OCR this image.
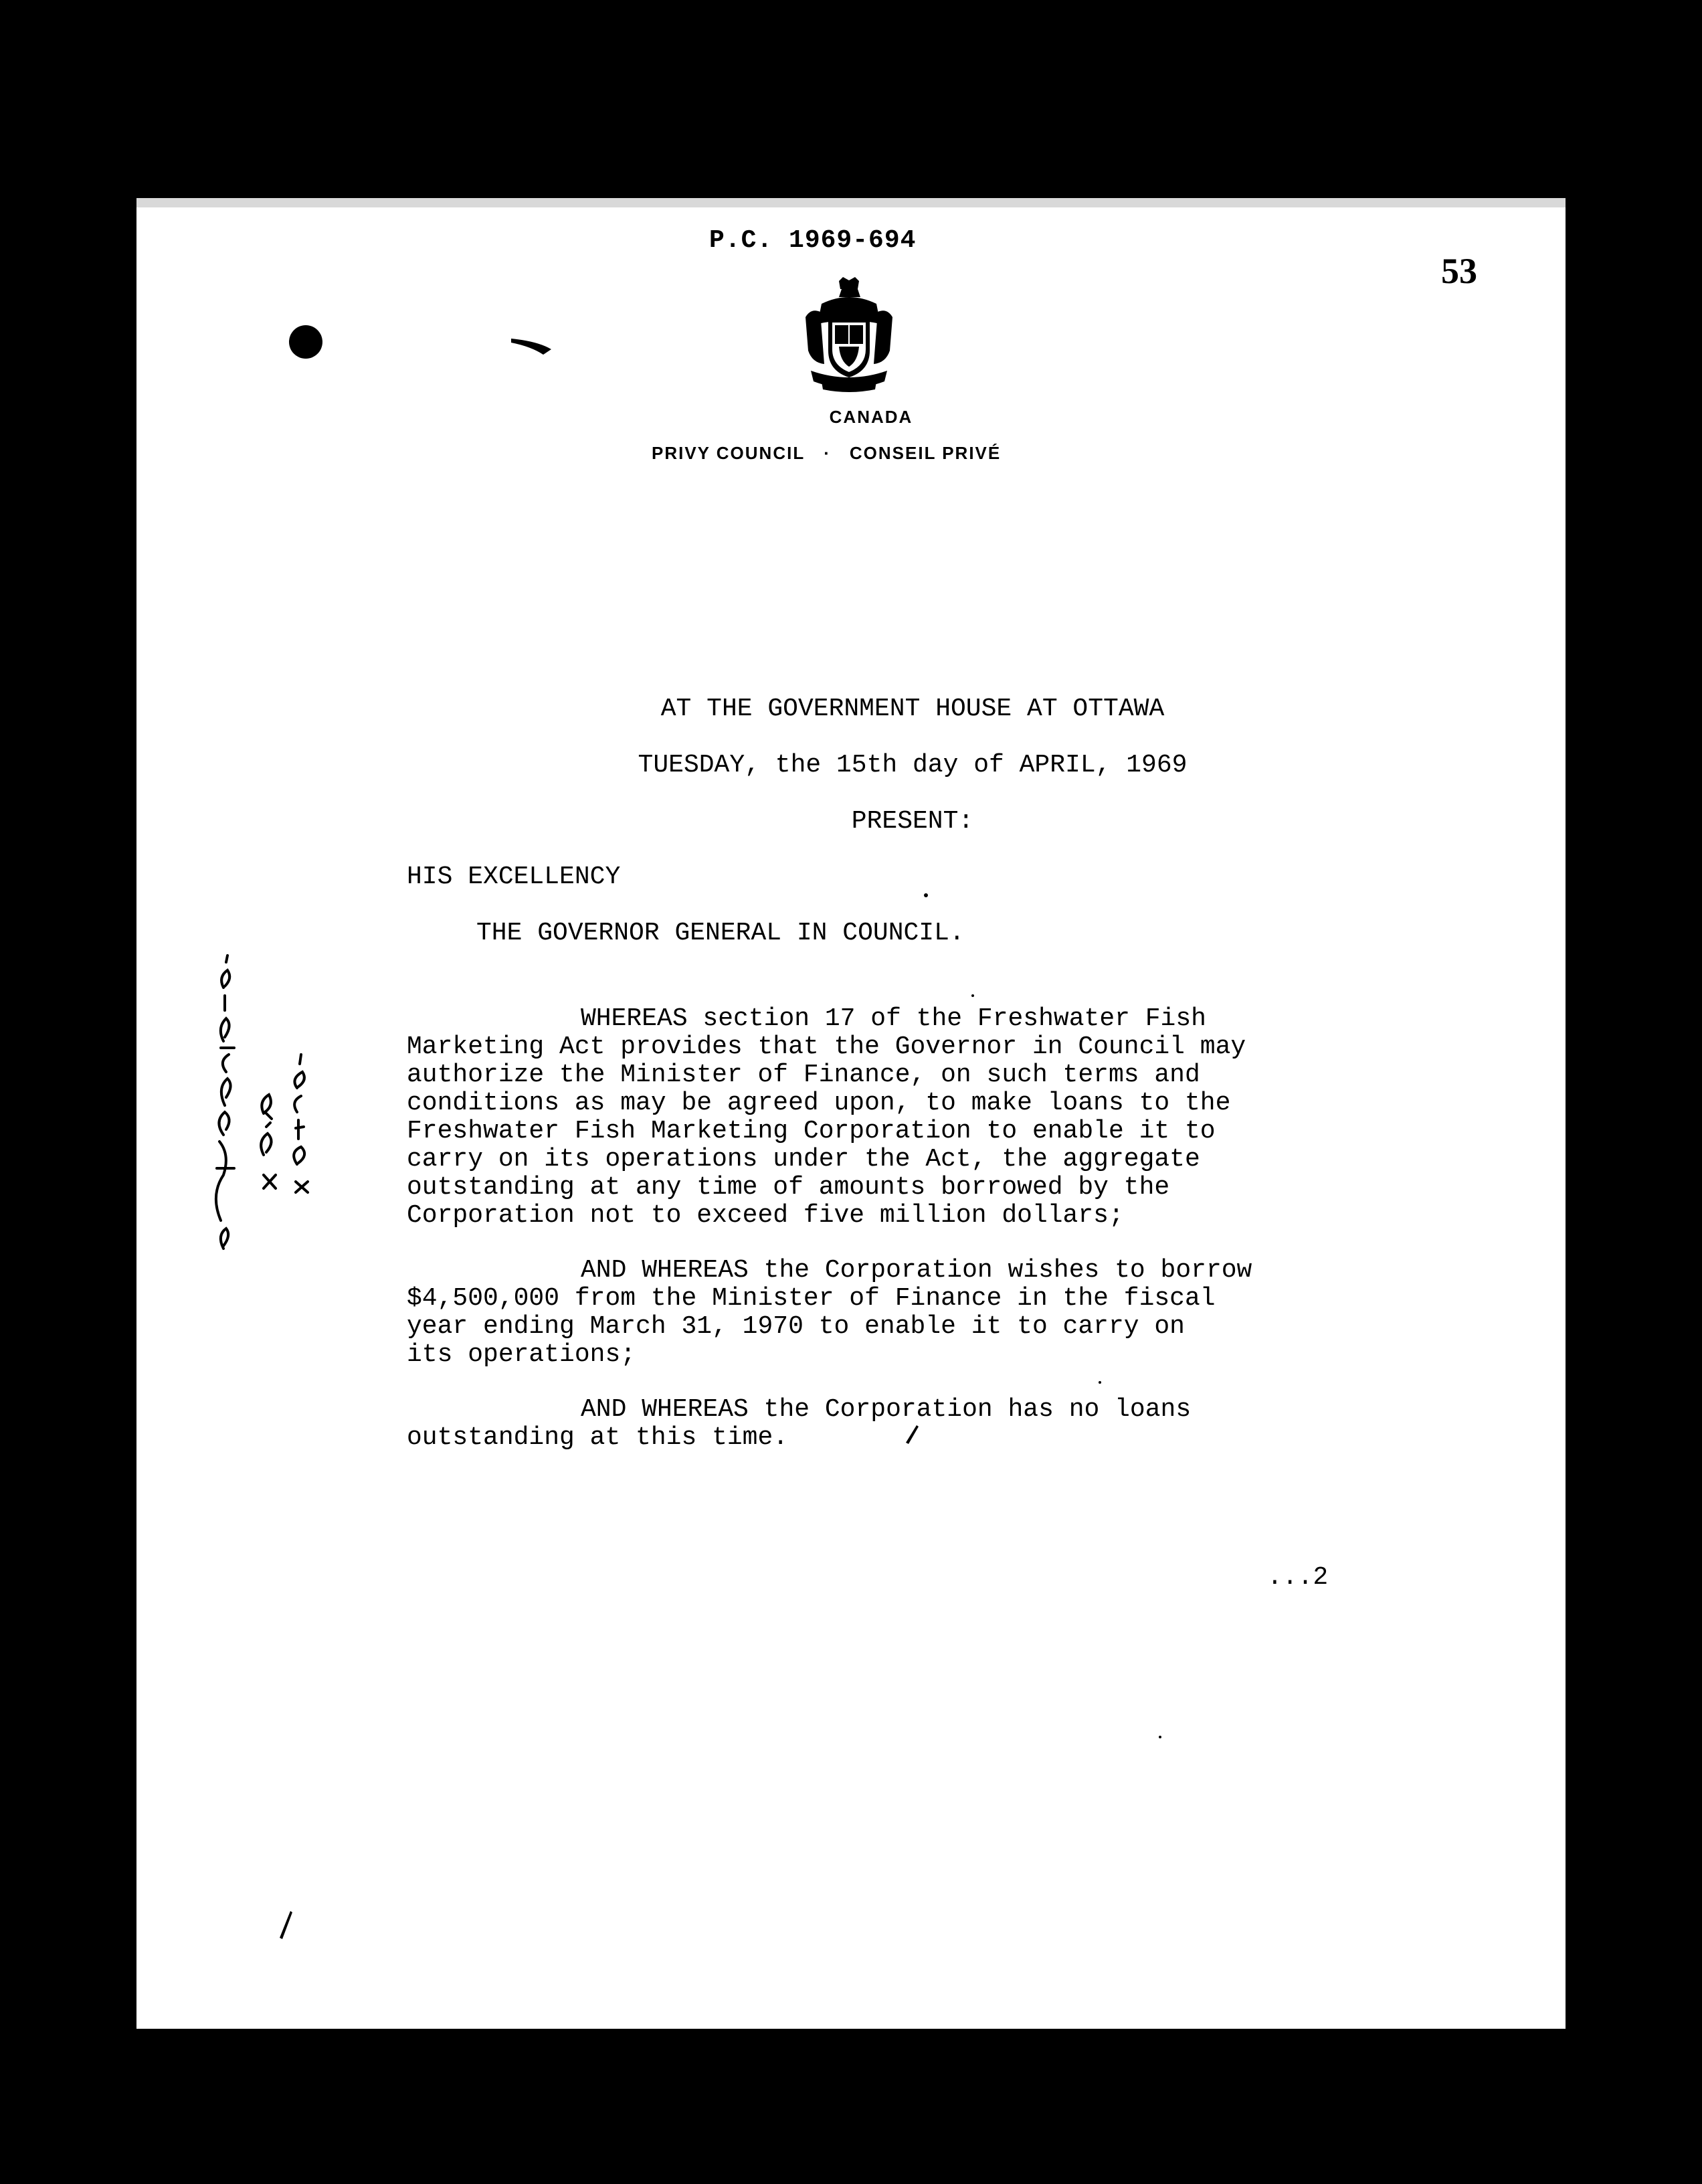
P.C. 1969-694
53
CANADA
PRIVY COUNCIL · CONSEIL PRIVÉ
AT THE GOVERNMENT HOUSE AT OTTAWA
TUESDAY, the 15th day of APRIL, 1969
PRESENT:
HIS EXCELLENCY
THE GOVERNOR GENERAL IN COUNCIL.
WHEREAS section 17 of the Freshwater Fish
Marketing Act provides that the Governor in Council may
authorize the Minister of Finance, on such terms and
conditions as may be agreed upon, to make loans to the
Freshwater Fish Marketing Corporation to enable it to
carry on its operations under the Act, the aggregate
outstanding at any time of amounts borrowed by the
Corporation not to exceed five million dollars;
AND WHEREAS the Corporation wishes to borrow
$4,500,000 from the Minister of Finance in the fiscal
year ending March 31, 1970 to enable it to carry on
its operations;
AND WHEREAS the Corporation has no loans
outstanding at this time.
...2
